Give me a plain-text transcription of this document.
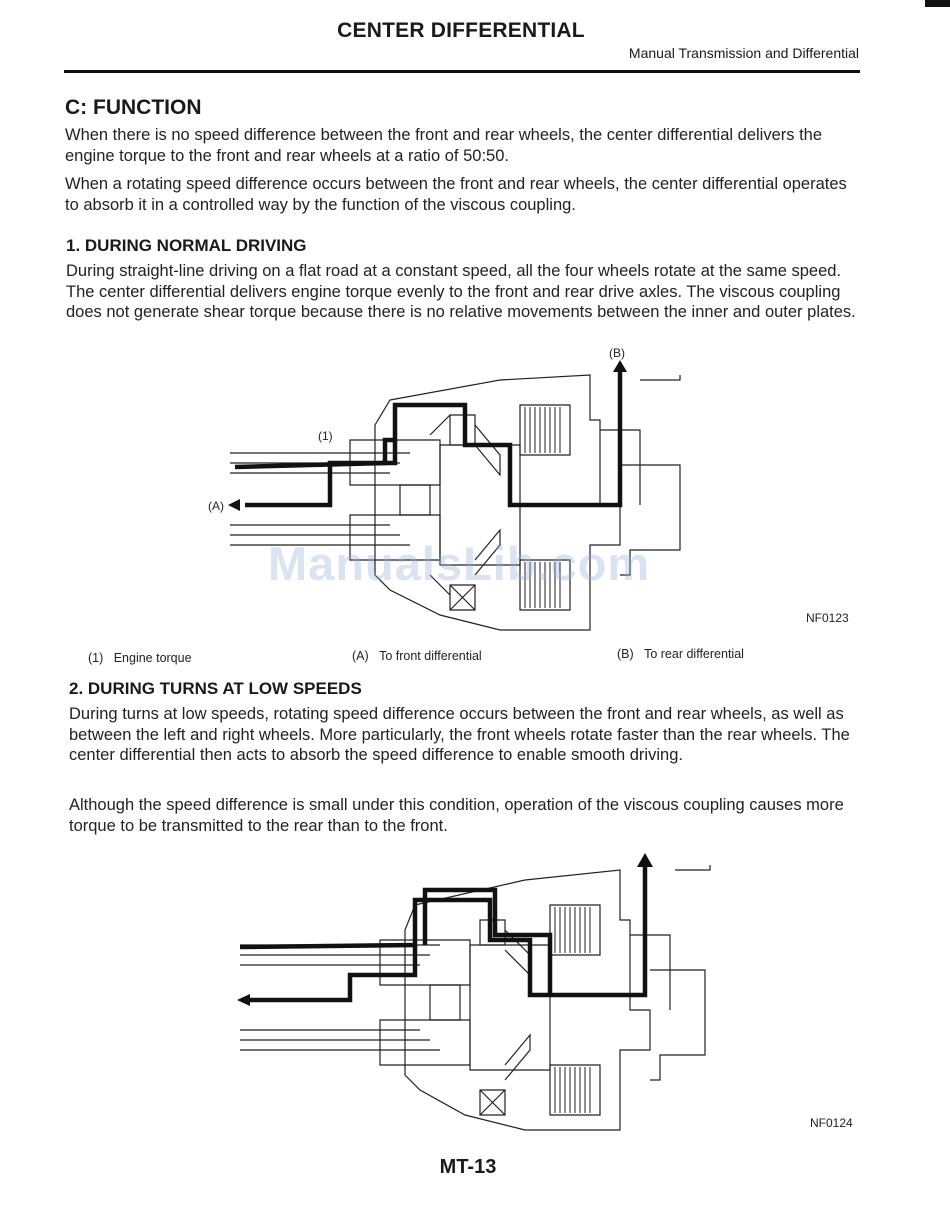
CENTER DIFFERENTIAL
Manual Transmission and Differential
C: FUNCTION
When there is no speed difference between the front and rear wheels, the center differential delivers the engine torque to the front and rear wheels at a ratio of 50:50.
When a rotating speed difference occurs between the front and rear wheels, the center differential operates to absorb it in a controlled way by the function of the viscous coupling.
1. DURING NORMAL DRIVING
During straight-line driving on a flat road at a constant speed, all the four wheels rotate at the same speed. The center differential delivers engine torque evenly to the front and rear drive axles. The viscous coupling does not generate shear torque because there is no relative movements between the inner and outer plates.
(1)
(A)
(B)
NF0123
ManualsLib.com
(1) Engine torque	(A) To front differential	(B) To rear differential
2. DURING TURNS AT LOW SPEEDS
During turns at low speeds, rotating speed difference occurs between the front and rear wheels, as well as between the left and right wheels. More particularly, the front wheels rotate faster than the rear wheels. The center differential then acts to absorb the speed difference to enable smooth driving.
Although the speed difference is small under this condition, operation of the viscous coupling causes more torque to be transmitted to the rear than to the front.
NF0124
MT-13
